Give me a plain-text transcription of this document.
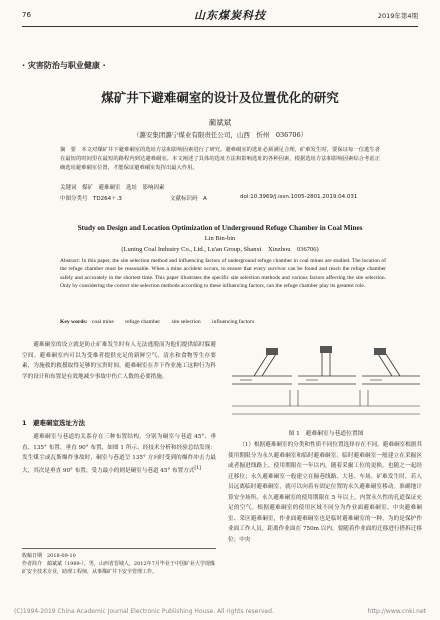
76	山东煤炭科技	2019年第4期
· 灾害防治与职业健康 ·
煤矿井下避难硐室的设计及位置优化的研究
蔺斌斌
（潞安集团潞宁煤业有限责任公司，山西　忻州　036706）
摘　要　本文对煤矿井下避难硐室的选址方法和影响因素进行了研究。避难硐室的选址必须满足合理，矿难发生时，要保证每一位逃生者在最短的时间里在最短的路程内到达避难硐室。本文阐述了具体的选址方法和影响选址的各种因素，根据选址方法和影响因素综合考虑正确选址避难硐室位置，才能保证避难硐室发挥出最大作用。
关键词　煤矿　避难硐室　选址　影响因素
中图分类号　TD264＋.3	文献标识码　A	doi:10.3969/j.issn.1005-2801.2019.04.031
Study on Design and Location Optimization of Underground Refuge Chamber in Coal Mines
Lin Bin-bin
(Luning Coal Industry Co., Ltd., Lu'an Group, Shanxi　Xinzhou　036706)
Abstract: In this paper, the site selection method and influencing factors of underground refuge chamber in coal mines are studied. The location of the refuge chamber must be reasonable. When a mine accident occurs, to ensure that every survivor can be found and reach the refuge chamber safely and accurately in the shortest time. This paper illustrates the specific site selection methods and various factors affecting the site selection. Only by considering the correct site selection methods according to these influencing factors, can the refuge chamber play its greatest role.
Key words: coal mine refuge chamber site selection influencing factors

避难硐室的设立就是防止矿难发生时有人无法逃脱而为他们提供临时躲避空间。避难硐室内可以为受难者提供充足的新鲜空气、清水和食物等生存要素，为施救的救援取得足够的宝贵时间。避难硐室在井下作业施工这种行为科学的设计和布置是有效地减少事故中伤亡人数的必要措施。

1　避难硐室选址方法

避难硐室与巷道的关系存在三种布置结构，分别为硐室与巷道 45°、垂直、135° 布置。垂直 90° 布置，如图 1 所示。经技术分析和经验总结发现：发生煤尘或瓦斯爆炸事故时，硐室与巷道呈 135° 方向时受到的爆炸冲击力最大，其次是垂直 90° 布置，受力最小的则是硐室与巷道 45° 布置方式[1]

收稿日期　2018-09-10
作者简介　蔺斌斌（1989-），男，山西省晋城人，2012年7月毕业于中国矿业大学现煤矿安全技术专业，助理工程师，从事煤矿井下安全管理工作。
图 1　避难硐室与巷道位置图

（1）根据避难硐室的分类和性质不同位置选择存在不同。避难硐室根据其使用期限分为永久避难硐室和临时避难硐室。临时避难硐室一般建立在采掘区或者掘进线路上，使用期限在一年以内，随着采掘工位的更换，也随之一起经迁移位；永久避难硐室一般建立在掘巷线路、大巷、车场。矿难发生时，若人员远离临时避难硐室，就可以向着有固定位置的永久避难硐室移动。准确地计算安全场所、永久避难硐室的使用期限在 5 年以上，内置永久性的孔道保证充足的空气。根据避难硐室的使用区域不同分为作业面避难硐室、中央避难硐室、采区避难硐室，作业面避难硐室也是临时避难硐室的一种，为的是保护作业面工作人员，距离作业面在 750m 以内，要随着作业面的迁移进行搭拆迁移位；中央

(C)1994-2019 China Academic Journal Electronic Publishing House. All rights reserved.	http://www.cnki.net
